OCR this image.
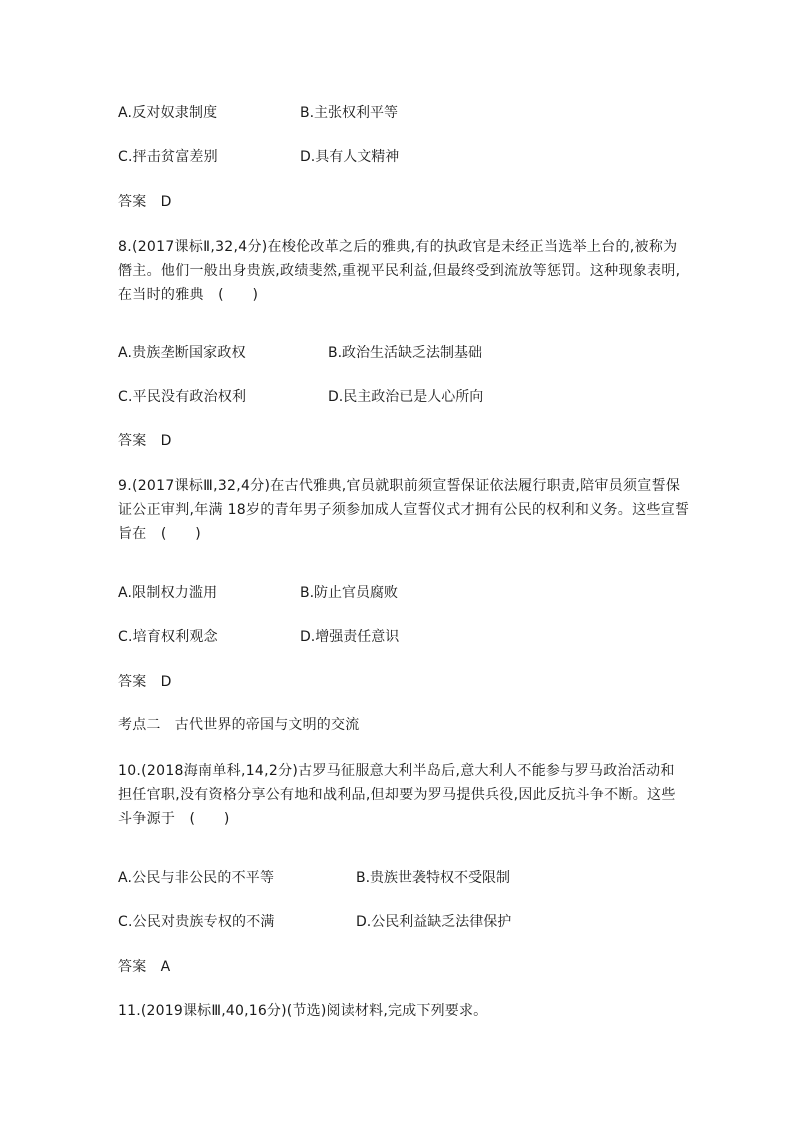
A.反对奴隶制度	B.主张权利平等
C.抨击贫富差别	D.具有人文精神
答案　D
8.(2017课标Ⅱ,32,4分)在梭伦改革之后的雅典,有的执政官是未经正当选举上台的,被称为
僭主。他们一般出身贵族,政绩斐然,重视平民利益,但最终受到流放等惩罚。这种现象表明,
在当时的雅典　(　　)
A.贵族垄断国家政权	B.政治生活缺乏法制基础
C.平民没有政治权利	D.民主政治已是人心所向
答案　D
9.(2017课标Ⅲ,32,4分)在古代雅典,官员就职前须宣誓保证依法履行职责,陪审员须宣誓保
证公正审判,年满 18岁的青年男子须参加成人宣誓仪式才拥有公民的权利和义务。这些宣誓
旨在　(　　)
A.限制权力滥用	B.防止官员腐败
C.培育权利观念	D.增强责任意识
答案　D
考点二　古代世界的帝国与文明的交流
10.(2018海南单科,14,2分)古罗马征服意大利半岛后,意大利人不能参与罗马政治活动和
担任官职,没有资格分享公有地和战利品,但却要为罗马提供兵役,因此反抗斗争不断。这些
斗争源于　(　　)
A.公民与非公民的不平等	B.贵族世袭特权不受限制
C.公民对贵族专权的不满	D.公民利益缺乏法律保护
答案　A
11.(2019课标Ⅲ,40,16分)(节选)阅读材料,完成下列要求。
